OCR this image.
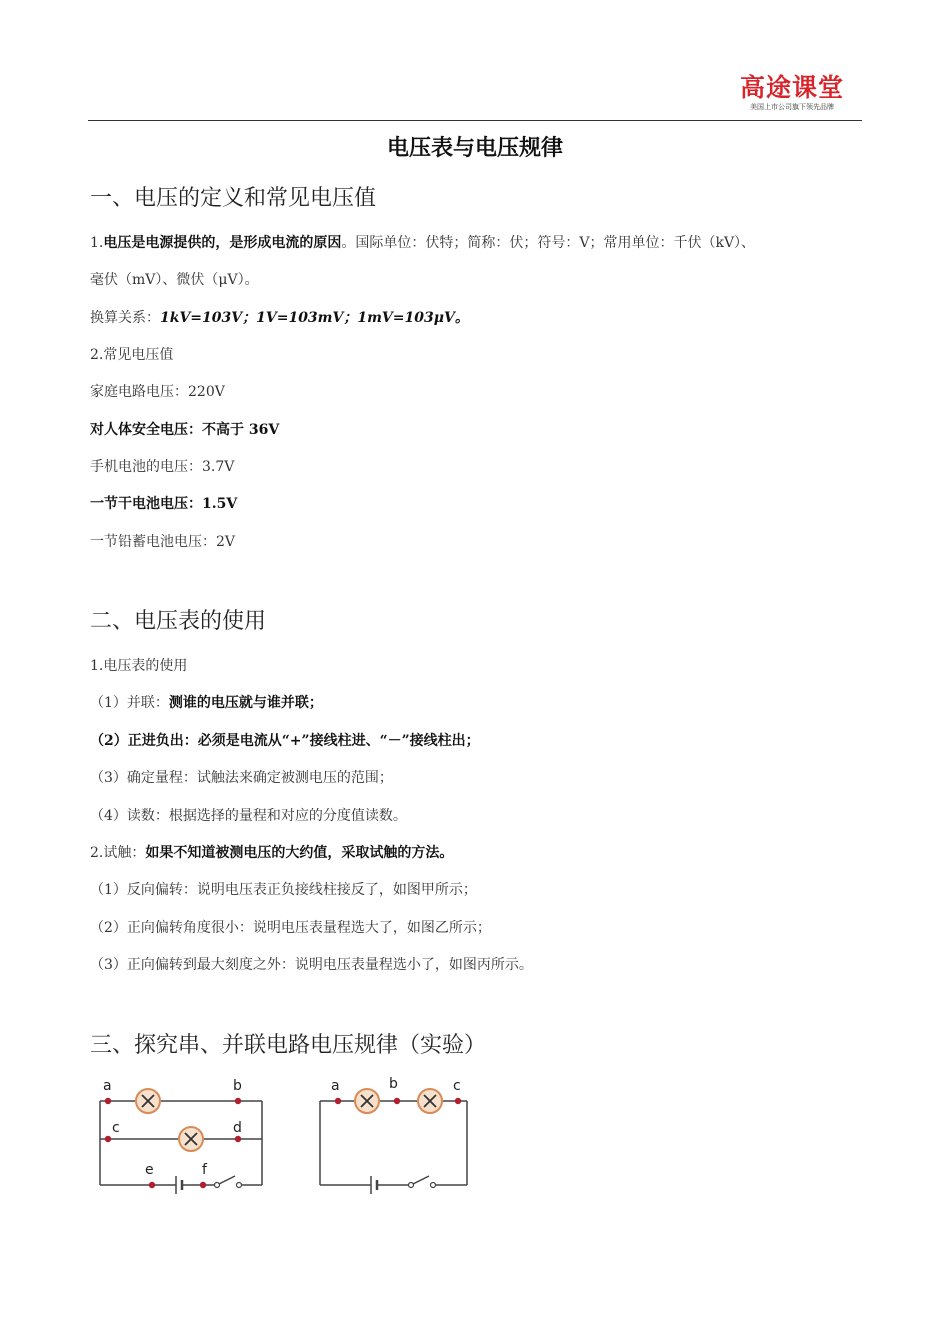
高途课堂
美国上市公司旗下领先品牌
电压表与电压规律
一、电压的定义和常见电压值
1.电压是电源提供的，是形成电流的原因。国际单位：伏特；简称：伏；符号：V；常用单位：千伏（kV）、
毫伏（mV）、微伏（μV）。
换算关系：1kV=103V；1V=103mV；1mV=103μV。
2.常见电压值
家庭电路电压：220V
对人体安全电压：不高于 36V
手机电池的电压：3.7V
一节干电池电压：1.5V
一节铅蓄电池电压：2V
二、电压表的使用
1.电压表的使用
（1）并联：测谁的电压就与谁并联；
（2）正进负出：必须是电流从“+”接线柱进、“－”接线柱出；
（3）确定量程：试触法来确定被测电压的范围；
（4）读数：根据选择的量程和对应的分度值读数。
2.试触：如果不知道被测电压的大约值，采取试触的方法。
（1）反向偏转：说明电压表正负接线柱接反了，如图甲所示；
（2）正向偏转角度很小：说明电压表量程选大了，如图乙所示；
（3）正向偏转到最大刻度之外：说明电压表量程选小了，如图丙所示。
三、探究串、并联电路电压规律（实验）
a	b
c	d
e	f
a	b	c
